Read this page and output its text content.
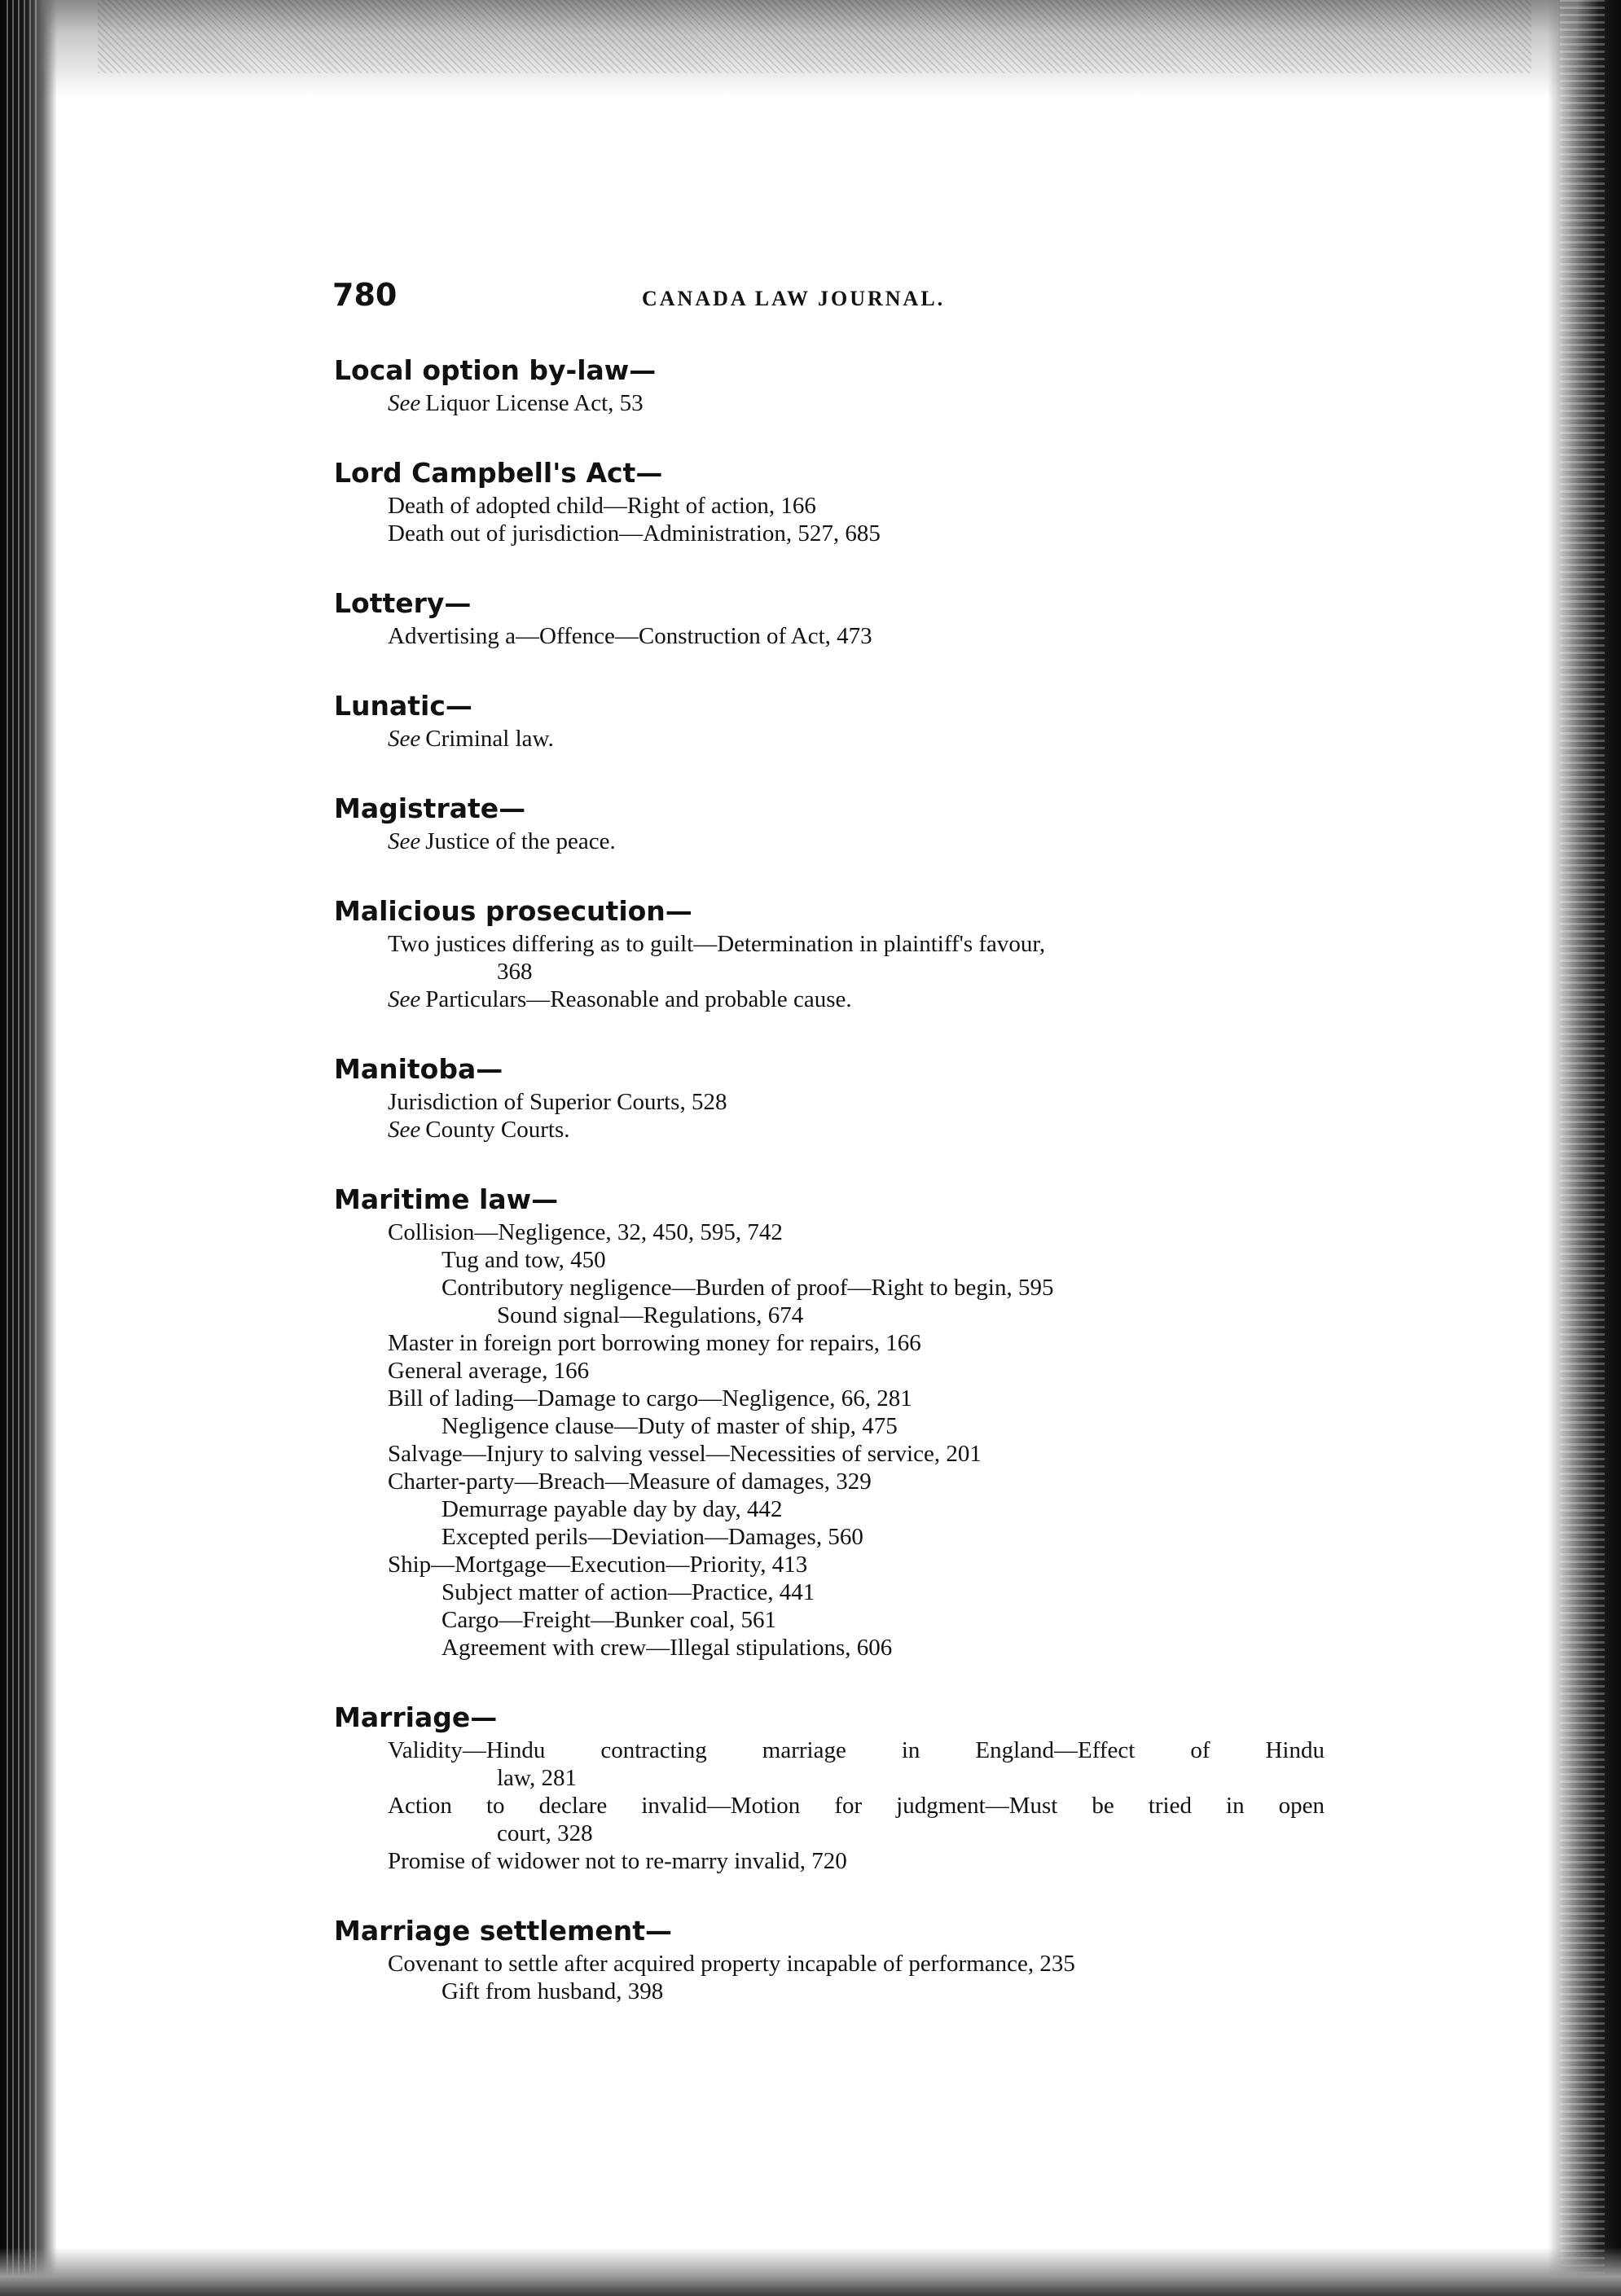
780	CANADA LAW JOURNAL.
Local option by-law—
See Liquor License Act, 53
Lord Campbell's Act—
Death of adopted child—Right of action, 166
Death out of jurisdiction—Administration, 527, 685
Lottery—
Advertising a—Offence—Construction of Act, 473
Lunatic—
See Criminal law.
Magistrate—
See Justice of the peace.
Malicious prosecution—
Two justices differing as to guilt—Determination in plaintiff's favour,
368
See Particulars—Reasonable and probable cause.
Manitoba—
Jurisdiction of Superior Courts, 528
See County Courts.
Maritime law—
Collision—Negligence, 32, 450, 595, 742
Tug and tow, 450
Contributory negligence—Burden of proof—Right to begin, 595
Sound signal—Regulations, 674
Master in foreign port borrowing money for repairs, 166
General average, 166
Bill of lading—Damage to cargo—Negligence, 66, 281
Negligence clause—Duty of master of ship, 475
Salvage—Injury to salving vessel—Necessities of service, 201
Charter-party—Breach—Measure of damages, 329
Demurrage payable day by day, 442
Excepted perils—Deviation—Damages, 560
Ship—Mortgage—Execution—Priority, 413
Subject matter of action—Practice, 441
Cargo—Freight—Bunker coal, 561
Agreement with crew—Illegal stipulations, 606
Marriage—
Validity—Hindu contracting marriage in England—Effect of Hindu
law, 281
Action to declare invalid—Motion for judgment—Must be tried in open
court, 328
Promise of widower not to re-marry invalid, 720
Marriage settlement—
Covenant to settle after acquired property incapable of performance, 235
Gift from husband, 398
